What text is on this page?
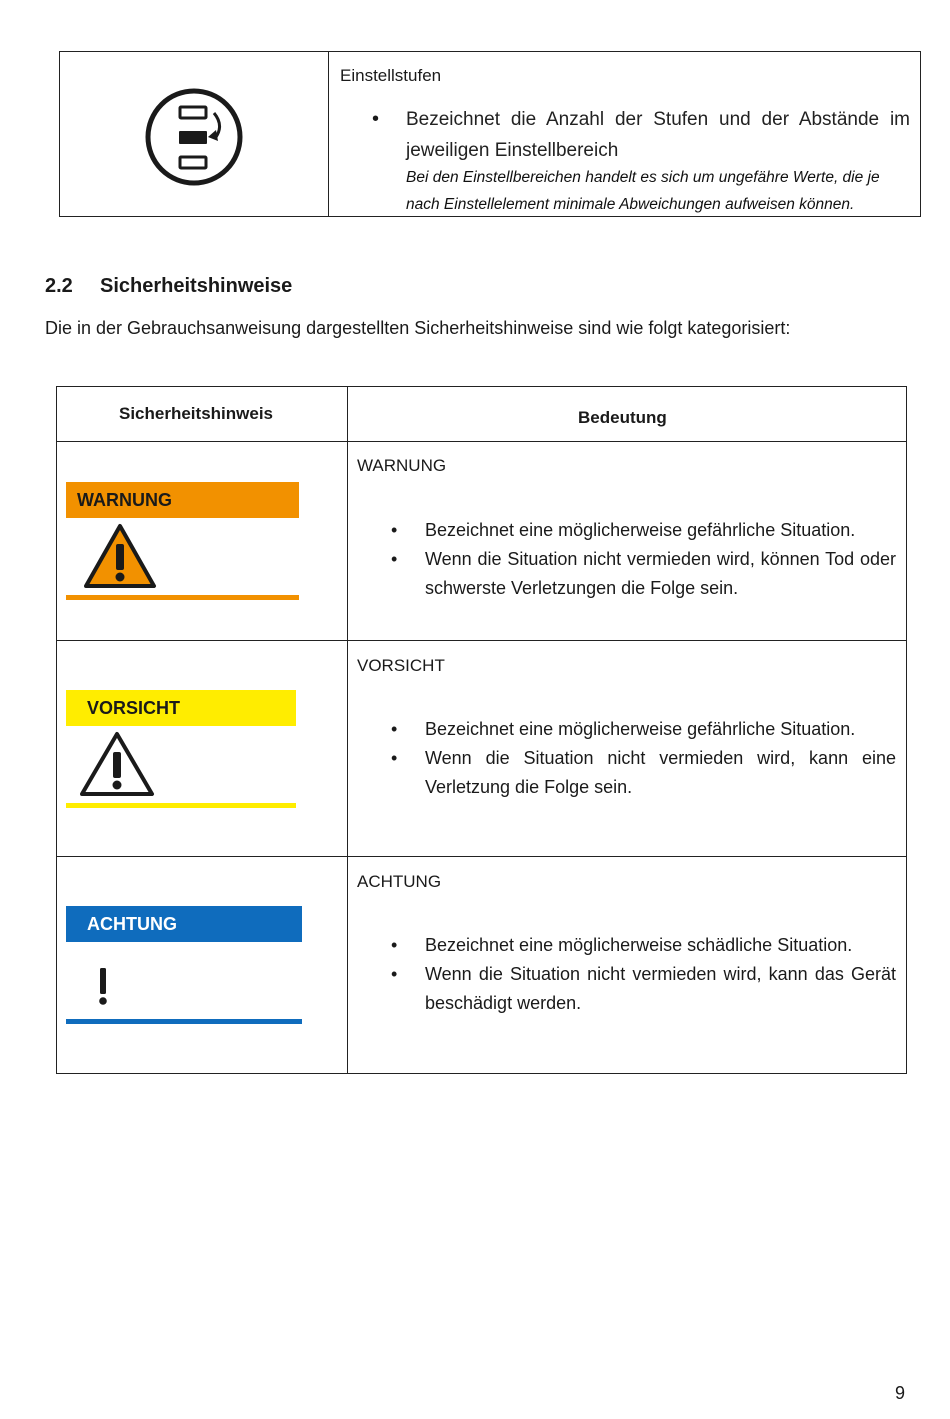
Einstellstufen
• Bezeichnet die Anzahl der Stufen und der Abstände im jeweiligen Einstellbereich
Bei den Einstellbereichen handelt es sich um ungefähre Werte, die je nach Einstellelement minimale Abweichungen aufweisen können.
2.2 Sicherheitshinweise
Die in der Gebrauchsanweisung dargestellten Sicherheitshinweise sind wie folgt kategorisiert:
Sicherheitshinweis	Bedeutung
WARNUNG
WARNUNG
• Bezeichnet eine möglicherweise gefährliche Situation.
• Wenn die Situation nicht vermieden wird, können Tod oder schwerste Verletzungen die Folge sein.
VORSICHT
VORSICHT
• Bezeichnet eine möglicherweise gefährliche Situation.
• Wenn die Situation nicht vermieden wird, kann eine Verletzung die Folge sein.
ACHTUNG
ACHTUNG
• Bezeichnet eine möglicherweise schädliche Situation.
• Wenn die Situation nicht vermieden wird, kann das Gerät beschädigt werden.
9
